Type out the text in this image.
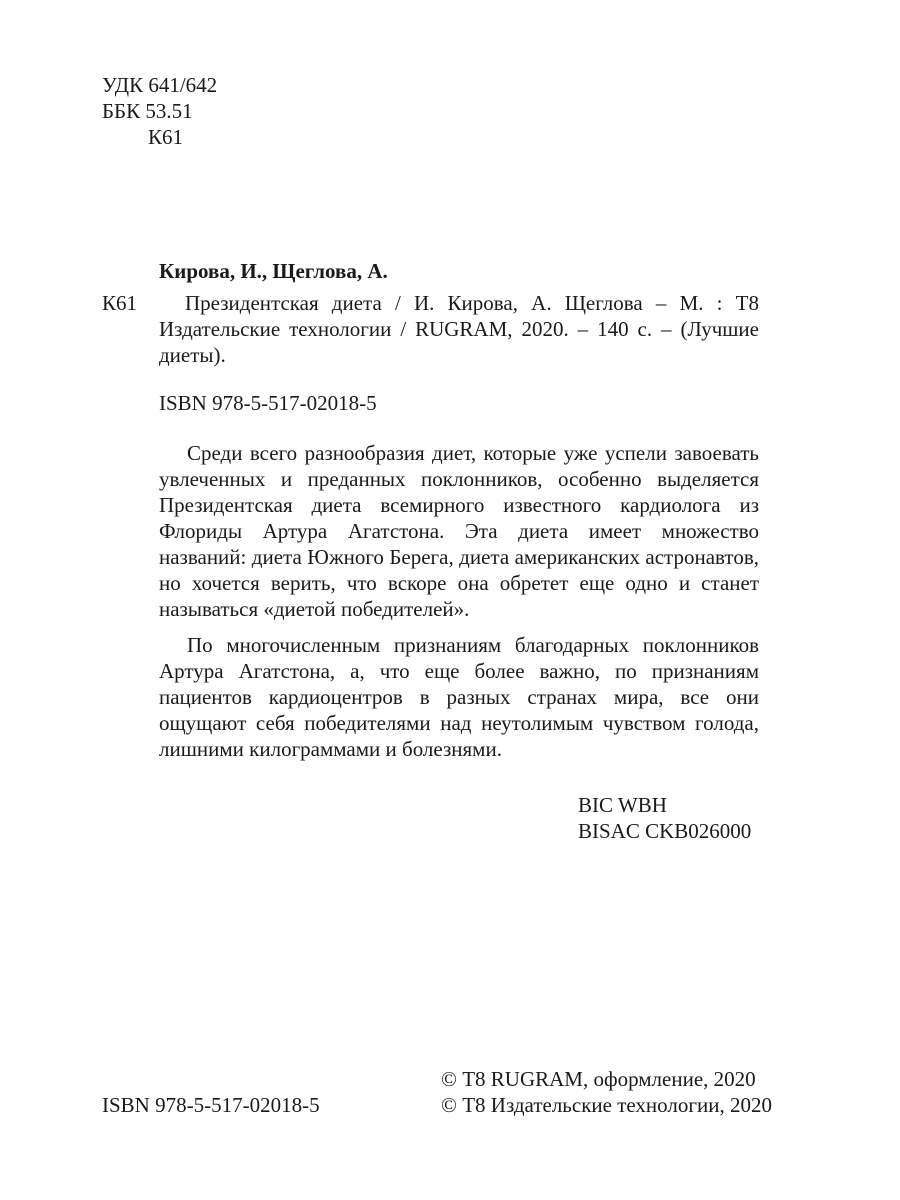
УДК 641/642
ББК 53.51
К61
Кирова, И., Щеглова, А.
К61	Президентская диета / И. Кирова, А. Щеглова – М. : Т8 Издательские технологии / RUGRAM, 2020. – 140 с. – (Лучшие диеты).
ISBN 978-5-517-02018-5

Среди всего разнообразия диет, которые уже успели завоевать увлеченных и преданных поклонников, особенно выделяется Президентская диета всемирного известного кардиолога из Флориды Артура Агатстона. Эта диета имеет множество названий: диета Южного Берега, диета американских астронавтов, но хочется верить, что вскоре она обретет еще одно и станет называться «диетой победителей».

По многочисленным признаниям благодарных поклонников Артура Агатстона, а, что еще более важно, по признаниям пациентов кардиоцентров в разных странах мира, все они ощущают себя победителями над неутолимым чувством голода, лишними килограммами и болезнями.

BIC WBH
BISAC CKB026000
ISBN 978-5-517-02018-5
© Т8 RUGRAM, оформление, 2020
© Т8 Издательские технологии, 2020
